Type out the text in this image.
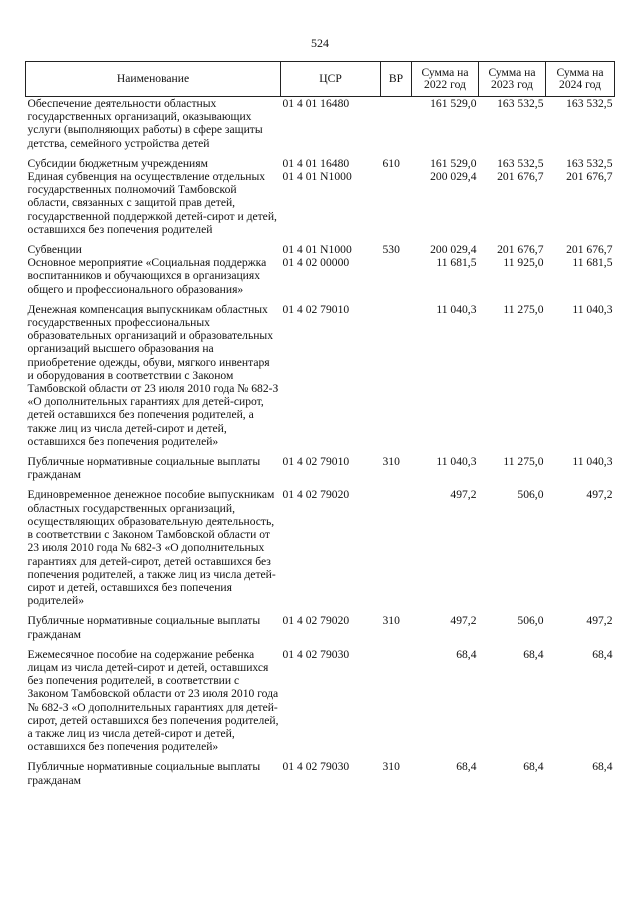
524
Наименование	ЦСР	ВР	Сумма на 2022 год	Сумма на 2023 год	Сумма на 2024 год
Обеспечение деятельности областных государственных организаций, оказывающих услуги (выполняющих работы) в сфере защиты детства, семейного устройства детей	01 4 01 16480		161 529,0	163 532,5	163 532,5
Субсидии бюджетным учреждениям	01 4 01 16480	610	161 529,0	163 532,5	163 532,5
Единая субвенция на осуществление отдельных государственных полномочий Тамбовской области, связанных с защитой прав детей, государственной поддержкой детей-сирот и детей, оставшихся без попечения родителей	01 4 01 N1000		200 029,4	201 676,7	201 676,7
Субвенции	01 4 01 N1000	530	200 029,4	201 676,7	201 676,7
Основное мероприятие «Социальная поддержка воспитанников и обучающихся в организациях общего и профессионального образования»	01 4 02 00000		11 681,5	11 925,0	11 681,5
Денежная компенсация выпускникам областных государственных профессиональных образовательных организаций и образовательных организаций высшего образования на приобретение одежды, обуви, мягкого инвентаря и оборудования в соответствии с Законом Тамбовской области от 23 июля 2010 года № 682-З «О дополнительных гарантиях для детей-сирот, детей оставшихся без попечения родителей, а также лиц из числа детей-сирот и детей, оставшихся без попечения родителей»	01 4 02 79010		11 040,3	11 275,0	11 040,3
Публичные нормативные социальные выплаты гражданам	01 4 02 79010	310	11 040,3	11 275,0	11 040,3
Единовременное денежное пособие выпускникам областных государственных организаций, осуществляющих образовательную деятельность, в соответствии с Законом Тамбовской области от 23 июля 2010 года № 682-З «О дополнительных гарантиях для детей-сирот, детей оставшихся без попечения родителей, а также лиц из числа детей-сирот и детей, оставшихся без попечения родителей»	01 4 02 79020		497,2	506,0	497,2
Публичные нормативные социальные выплаты гражданам	01 4 02 79020	310	497,2	506,0	497,2
Ежемесячное пособие на содержание ребенка лицам из числа детей-сирот и детей, оставшихся без попечения родителей, в соответствии с Законом Тамбовской области от 23 июля 2010 года № 682-З «О дополнительных гарантиях для детей-сирот, детей оставшихся без попечения родителей, а также лиц из числа детей-сирот и детей, оставшихся без попечения родителей»	01 4 02 79030		68,4	68,4	68,4
Публичные нормативные социальные выплаты гражданам	01 4 02 79030	310	68,4	68,4	68,4
